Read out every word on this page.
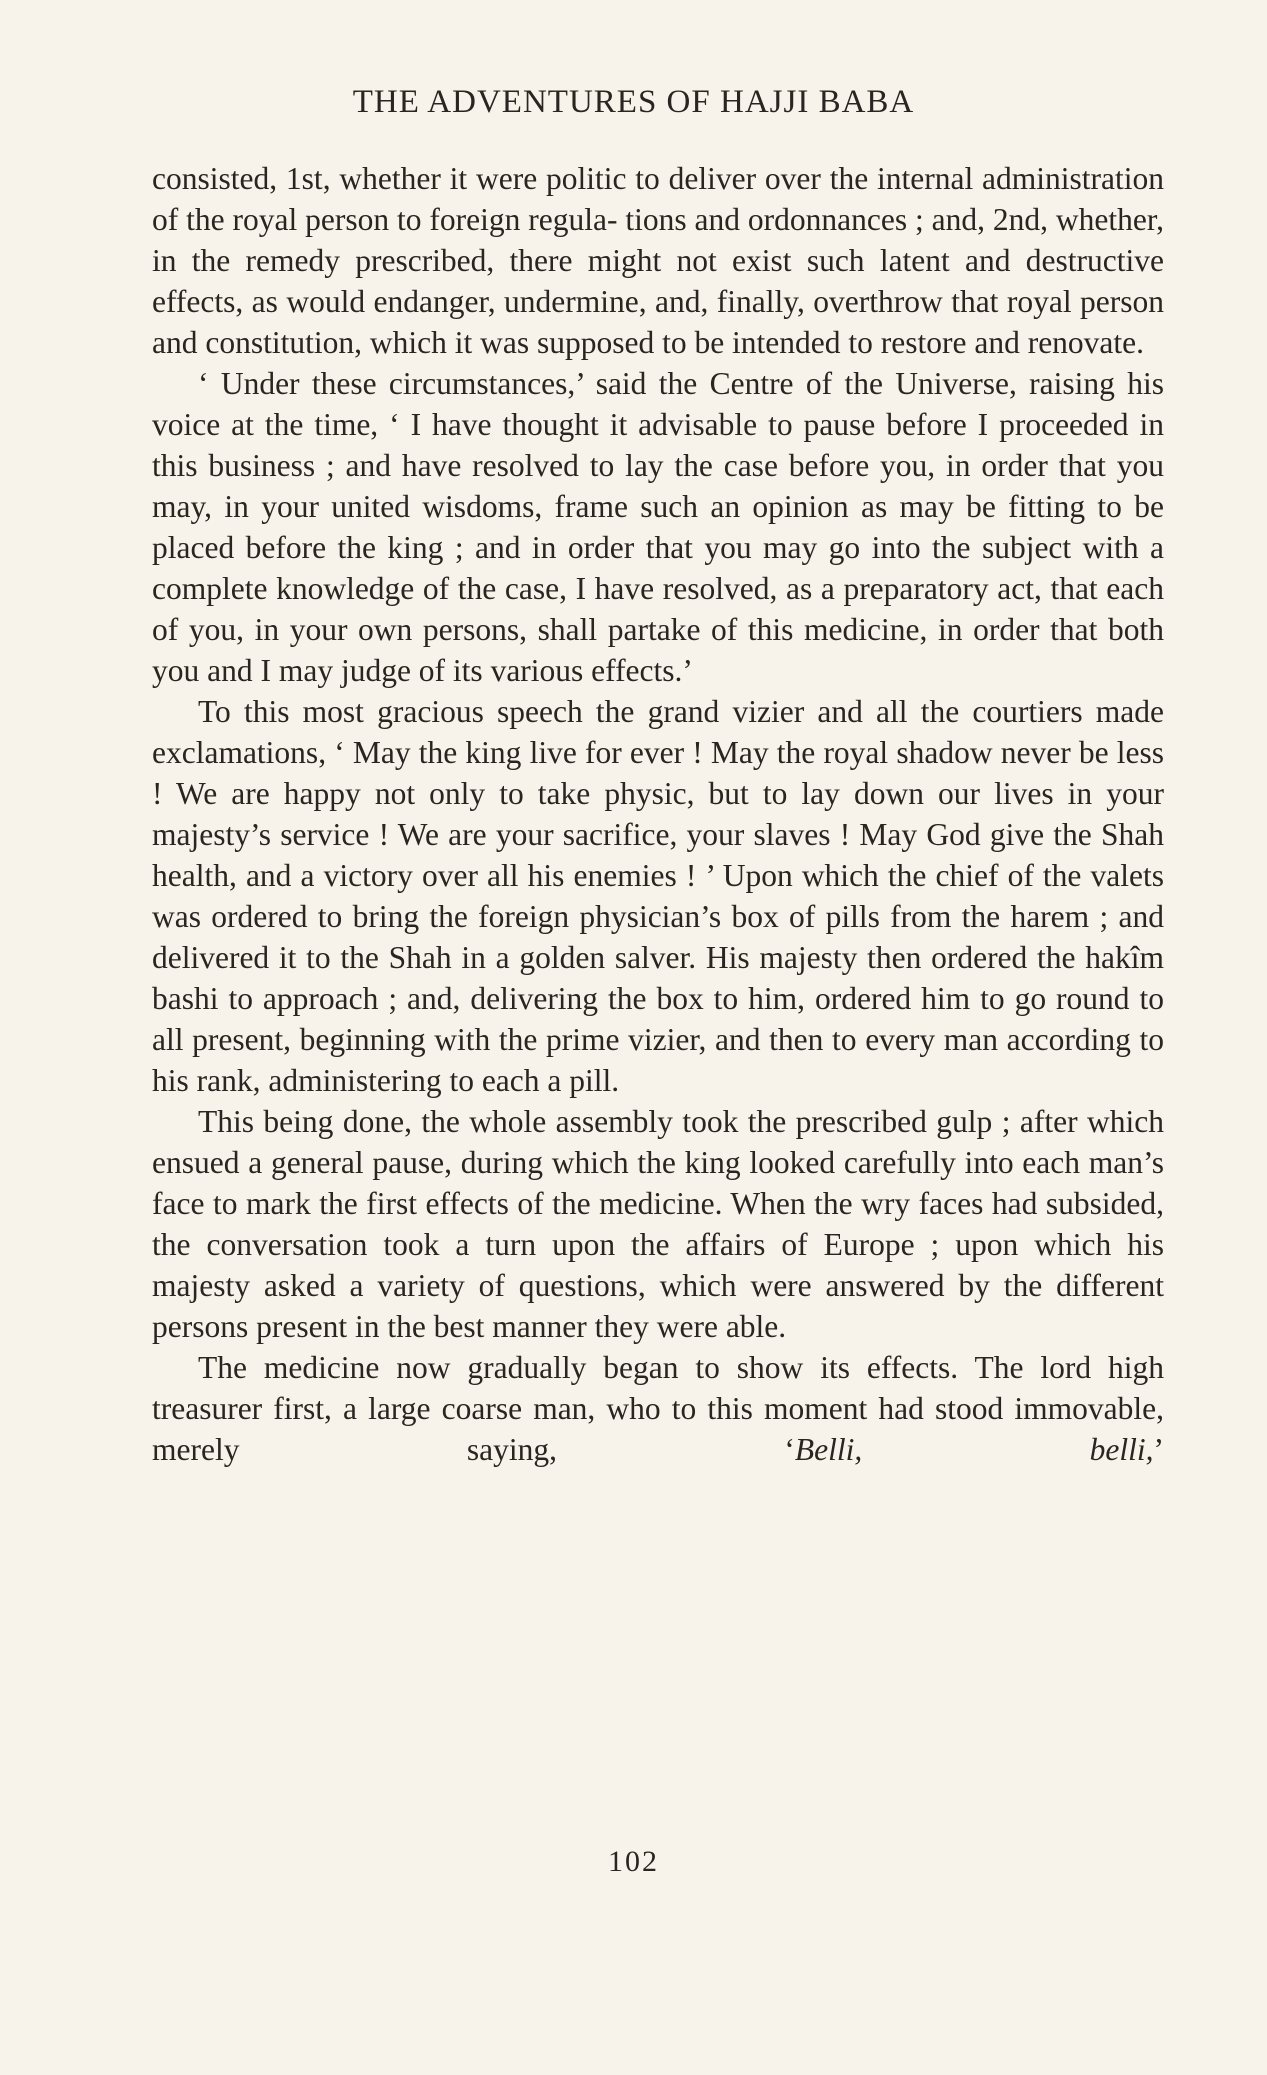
THE ADVENTURES OF HAJJI BABA

consisted, 1st, whether it were politic to deliver over the internal administration of the royal person to foreign regula- tions and ordonnances ; and, 2nd, whether, in the remedy prescribed, there might not exist such latent and destructive effects, as would endanger, undermine, and, finally, overthrow that royal person and constitution, which it was supposed to be intended to restore and renovate.

‘ Under these circumstances,’ said the Centre of the Universe, raising his voice at the time, ‘ I have thought it advisable to pause before I proceeded in this business ; and have resolved to lay the case before you, in order that you may, in your united wisdoms, frame such an opinion as may be fitting to be placed before the king ; and in order that you may go into the subject with a complete knowledge of the case, I have resolved, as a preparatory act, that each of you, in your own persons, shall partake of this medicine, in order that both you and I may judge of its various effects.’

To this most gracious speech the grand vizier and all the courtiers made exclamations, ‘ May the king live for ever ! May the royal shadow never be less ! We are happy not only to take physic, but to lay down our lives in your majesty’s service ! We are your sacrifice, your slaves ! May God give the Shah health, and a victory over all his enemies ! ’ Upon which the chief of the valets was ordered to bring the foreign physician’s box of pills from the harem ; and delivered it to the Shah in a golden salver. His majesty then ordered the hakîm bashi to approach ; and, delivering the box to him, ordered him to go round to all present, beginning with the prime vizier, and then to every man according to his rank, administering to each a pill.

This being done, the whole assembly took the prescribed gulp ; after which ensued a general pause, during which the king looked carefully into each man’s face to mark the first effects of the medicine. When the wry faces had subsided, the conversation took a turn upon the affairs of Europe ; upon which his majesty asked a variety of questions, which were answered by the different persons present in the best manner they were able.

The medicine now gradually began to show its effects. The lord high treasurer first, a large coarse man, who to this moment had stood immovable, merely saying, ‘Belli, belli,’

102
